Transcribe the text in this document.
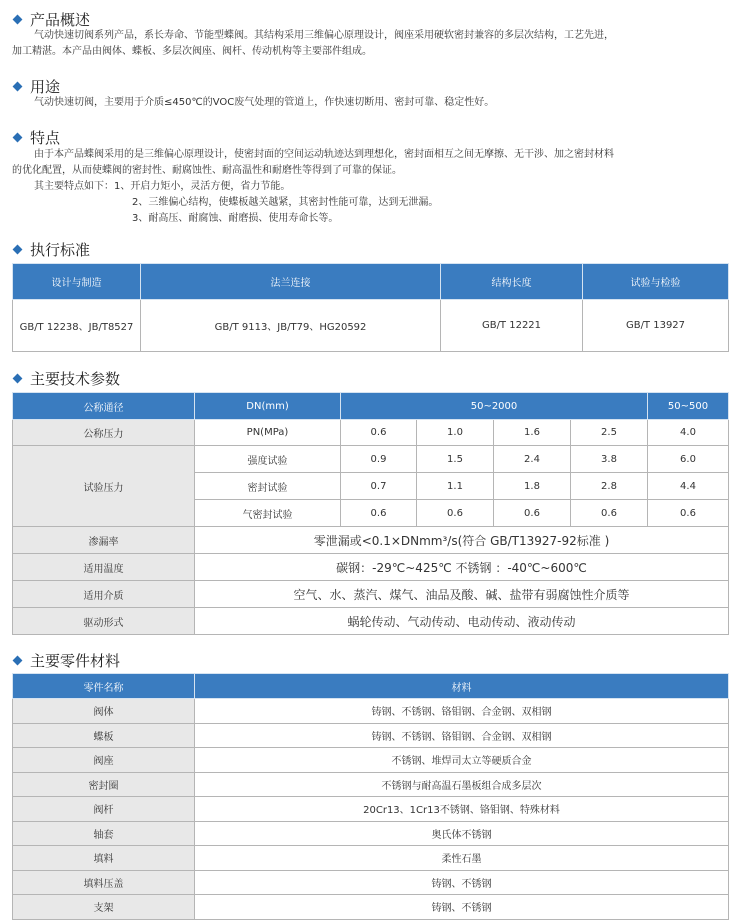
产品概述
气动快速切阀系列产品，系长寿命、节能型蝶阀。其结构采用三维偏心原理设计，阀座采用硬软密封兼容的多层次结构，工艺先进，
加工精湛。本产品由阀体、蝶板、多层次阀座、阀杆、传动机构等主要部件组成。
用途
气动快速切阀，主要用于介质≤450℃的VOC废气处理的管道上，作快速切断用、密封可靠、稳定性好。
特点
由于本产品蝶阀采用的是三维偏心原理设计，使密封面的空间运动轨迹达到理想化，密封面相互之间无摩擦、无干涉、加之密封材料
的优化配置，从而使蝶阀的密封性、耐腐蚀性、耐高温性和耐磨性等得到了可靠的保证。
其主要特点如下：1、开启力矩小，灵活方便，省力节能。
2、三维偏心结构，使蝶板越关越紧，其密封性能可靠，达到无泄漏。
3、耐高压、耐腐蚀、耐磨损、使用寿命长等。
执行标准
设计与制造	法兰连接	结构长度	试验与检验
GB/T 12238、JB/T8527	GB/T 9113、JB/T79、HG20592	GB/T 12221	GB/T 13927
主要技术参数
公称通径	DN(mm)	50~2000				50~500
公称压力	PN(MPa)	0.6	1.0	1.6	2.5	4.0
试验压力	强度试验	0.9	1.5	2.4	3.8	6.0
	密封试验	0.7	1.1	1.8	2.8	4.4
	气密封试验	0.6	0.6	0.6	0.6	0.6
渗漏率	零泄漏或<0.1×DNmm³/s(符合 GB/T13927-92标准 )					
适用温度	碳钢：-29℃~425℃ 不锈钢 ：-40℃~600℃					
适用介质	空气、水、蒸汽、煤气、油品及酸、碱、盐带有弱腐蚀性介质等					
驱动形式	蜗轮传动、气动传动、电动传动、液动传动					
主要零件材料
零件名称	材料
阀体	铸钢、不锈钢、铬钼钢、合金钢、双相钢
蝶板	铸钢、不锈钢、铬钼钢、合金钢、双相钢
阀座	不锈钢、堆焊司太立等硬质合金
密封圈	不锈钢与耐高温石墨板组合成多层次
阀杆	20Cr13、1Cr13不锈钢、铬钼钢、特殊材料
轴套	奥氏体不锈钢
填料	柔性石墨
填料压盖	铸钢、不锈钢
支架	铸钢、不锈钢
